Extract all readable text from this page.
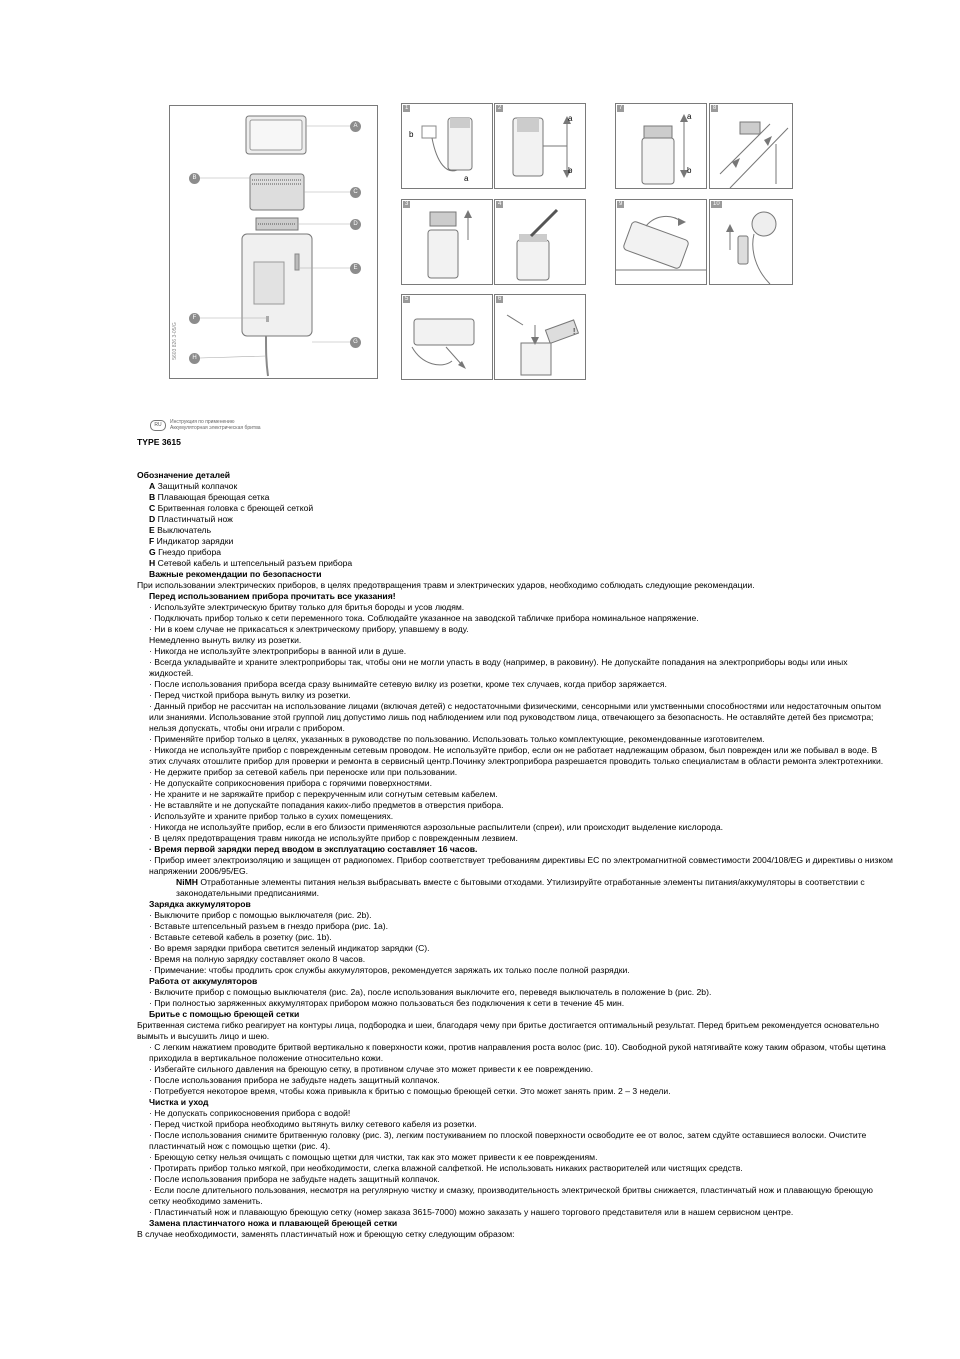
A
B
C
D
E
F
G
H
5603 826 3-05/G
1
b
a
2
a
b
7
a
b
8
3	4	9	10
5	6
!
RU	Инструкция по применению
Аккумуляторная электрическая бритва
TYPE 3615
Обозначение деталей
A Защитный колпачок
B Плавающая бреющая сетка
C Бритвенная головка с бреющей сеткой
D Пластинчатый нож
E Выключатель
F Индикатор зарядки
G Гнездо прибора
H Сетевой кабель и штепсельный разъем прибора
Важные рекомендации по безопасности
При использовании электрических приборов, в целях предотвращения травм и электрических ударов, необходимо соблюдать следующие рекомендации.
Перед использованием прибора прочитать все указания!
· Используйте электрическую бритву только для бритья бороды и усов людям.
· Подключать прибор только к сети переменного тока. Соблюдайте указанное на заводской табличке прибора номинальное напряжение.
· Ни в коем случае не прикасаться к электрическому прибору, упавшему в воду.
Немедленно вынуть вилку из розетки.
· Никогда не используйте электроприборы в ванной или в душе.
· Всегда укладывайте и храните электроприборы так, чтобы они не могли упасть в воду (например, в раковину). Не допускайте попадания на электроприборы воды или иных жидкостей.
· После использования прибора всегда сразу вынимайте сетевую вилку из розетки, кроме тех случаев, когда прибор заряжается.
· Перед чисткой прибора вынуть вилку из розетки.
· Данный прибор не рассчитан на использование лицами (включая детей) с недостаточными физическими, сенсорными или умственными способностями или недостаточным опытом или знаниями. Использование этой группой лиц допустимо лишь под наблюдением или под руководством лица, отвечающего за безопасность. Не оставляйте детей без присмотра; нельзя допускать, чтобы они играли с прибором.
· Применяйте прибор только в целях, указанных в руководстве по пользованию. Использовать только комплектующие, рекомендованные изготовителем.
· Никогда не используйте прибор с поврежденным сетевым проводом. Не используйте прибор, если он не работает надлежащим образом, был поврежден или же побывал в воде. В этих случаях отошлите прибор для проверки и ремонта в сервисный центр.Починку электроприбора разрешается проводить только специалистам в области ремонта электротехники.
· Не держите прибор за сетевой кабель при переноске или при пользовании.
· Не допускайте соприкосновения прибора с горячими поверхностями.
· Не храните и не заряжайте прибор с перекрученным или согнутым сетевым кабелем.
· Не вставляйте и не допускайте попадания каких-либо предметов в отверстия прибора.
· Используйте и храните прибор только в сухих помещениях.
· Никогда не используйте прибор, если в его близости применяются аэрозольные распылители (спреи), или происходит выделение кислорода.
· В целях предотвращения травм никогда не используйте прибор с поврежденным лезвием.
· Время первой зарядки перед вводом в эксплуатацию составляет 16 часов.
· Прибор имеет электроизоляцию и защищен от радиопомех. Прибор соответствует требованиям директивы ЕС по электромагнитной совместимости 2004/108/EG и директивы о низком напряжении 2006/95/EG.
NiMH Отработанные элементы питания нельзя выбрасывать вместе с бытовыми отходами. Утилизируйте отработанные элементы питания/аккумуляторы в соответствии с законодательными предписаниями.
Зарядка аккумуляторов
· Выключите прибор с помощью выключателя (рис. 2b).
· Вставьте штепсельный разъем в гнездо прибора (рис. 1a).
· Вставьте сетевой кабель в розетку (рис. 1b).
· Во время зарядки прибора светится зеленый индикатор зарядки (C).
· Время на полную зарядку составляет около 8 часов.
· Примечание: чтобы продлить срок службы аккумуляторов, рекомендуется заряжать их только после полной разрядки.
Работа от аккумуляторов
· Включите прибор с помощью выключателя (рис. 2a), после использования выключите его, переведя выключатель в положение b (рис. 2b).
· При полностью заряженных аккумуляторах прибором можно пользоваться без подключения к сети в течение 45 мин.
Бритье с помощью бреющей сетки
Бритвенная система гибко реагирует на контуры лица, подбородка и шеи, благодаря чему при бритье достигается оптимальный результат. Перед бритьем рекомендуется основательно вымыть и высушить лицо и шею.
· С легким нажатием проводите бритвой вертикально к поверхности кожи, против направления роста волос (рис. 10). Свободной рукой натягивайте кожу таким образом, чтобы щетина приходила в вертикальное положение относительно кожи.
· Избегайте сильного давления на бреющую сетку, в противном случае это может привести к ее повреждению.
· После использования прибора не забудьте надеть защитный колпачок.
· Потребуется некоторое время, чтобы кожа привыкла к бритью с помощью бреющей сетки. Это может занять прим. 2 – 3 недели.
Чистка и уход
· Не допускать соприкосновения прибора с водой!
· Перед чисткой прибора необходимо вытянуть вилку сетевого кабеля из розетки.
· После использования снимите бритвенную головку (рис. 3), легким постукиванием по плоской поверхности освободите ее от волос, затем сдуйте оставшиеся волоски. Очистите пластинчатый нож с помощью щетки (рис. 4).
· Бреющую сетку нельзя очищать с помощью щетки для чистки, так как это может привести к ее повреждениям.
· Протирать прибор только мягкой, при необходимости, слегка влажной салфеткой. Не использовать никаких растворителей или чистящих средств.
· После использования прибора не забудьте надеть защитный колпачок.
· Если после длительного пользования, несмотря на регулярную чистку и смазку, производительность электрической бритвы снижается, пластинчатый нож и плавающую бреющую сетку необходимо заменить.
· Пластинчатый нож и плавающую бреющую сетку (номер заказа 3615-7000) можно заказать у нашего торгового представителя или в нашем сервисном центре.
Замена пластинчатого ножа и плавающей бреющей сетки
В случае необходимости, заменять пластинчатый нож и бреющую сетку следующим образом:
